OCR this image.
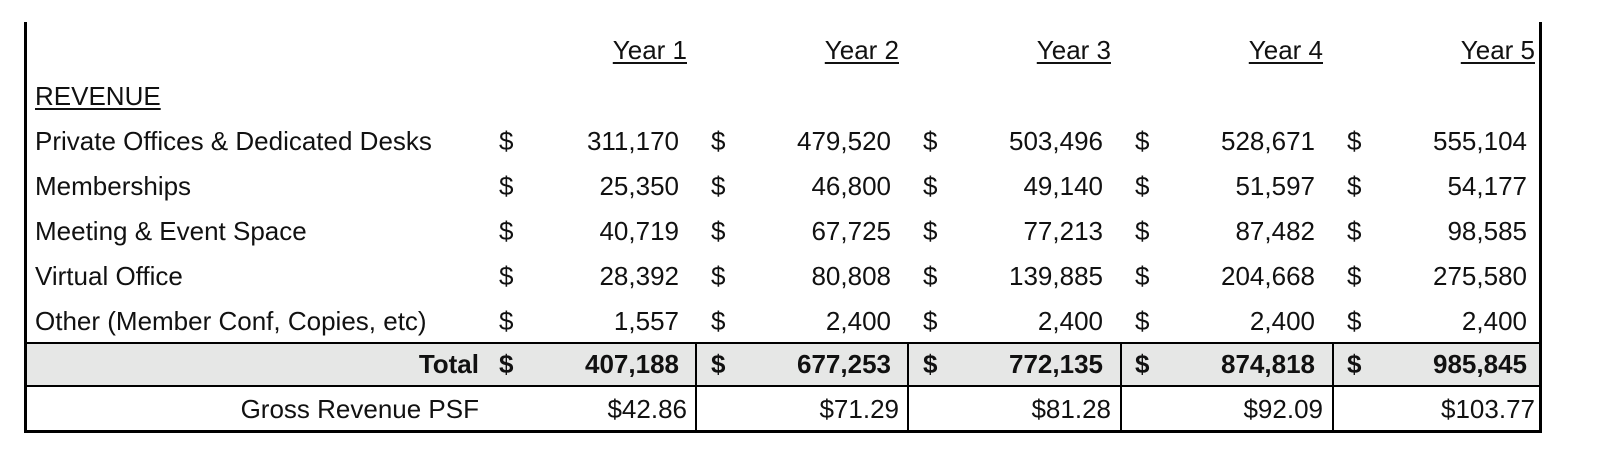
Year 1	Year 2	Year 3	Year 4	Year 5
REVENUE
Private Offices & Dedicated Desks	$	311,170 $	479,520 $	503,496 $	528,671 $	555,104
Memberships	$	25,350 $	46,800 $	49,140 $	51,597 $	54,177
Meeting & Event Space	$	40,719 $	67,725 $	77,213 $	87,482 $	98,585
Virtual Office	$	28,392 $	80,808 $	139,885 $	204,668 $	275,580
Other (Member Conf, Copies, etc)	$	1,557 $	2,400 $	2,400 $	2,400 $	2,400
Total $	407,188 $	677,253 $	772,135 $	874,818 $	985,845
Gross Revenue PSF	$42.86	$71.29	$81.28	$92.09	$103.77
